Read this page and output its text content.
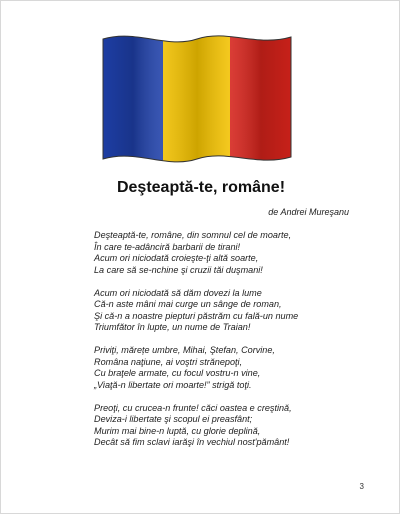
Deşteaptă-te, române!
de Andrei Mureşanu
Deşteaptă-te, române, din somnul cel de moarte,
În care te-adânciră barbarii de tirani!
Acum ori niciodată croieşte-ţi altă soarte,
La care să se-nchine şi cruzii tăi duşmani!
Acum ori niciodată să dăm dovezi la lume
Că-n aste mâni mai curge un sânge de roman,
Şi că-n a noastre piepturi păstrăm cu fală-un nume
Triumfător în lupte, un nume de Traian!
Priviţi, mărețe umbre, Mihai, Ştefan, Corvine,
Româna naţiune, ai voştri strănepoţi,
Cu braţele armate, cu focul vostru-n vine,
„Viaţă-n libertate ori moarte!” strigă toţi.
Preoţi, cu crucea-n frunte! căci oastea e creştină,
Deviza-i libertate şi scopul ei preasfânt;
Murim mai bine-n luptă, cu glorie deplină,
Decât să fim sclavi iarăşi în vechiul nost'pământ!
3
